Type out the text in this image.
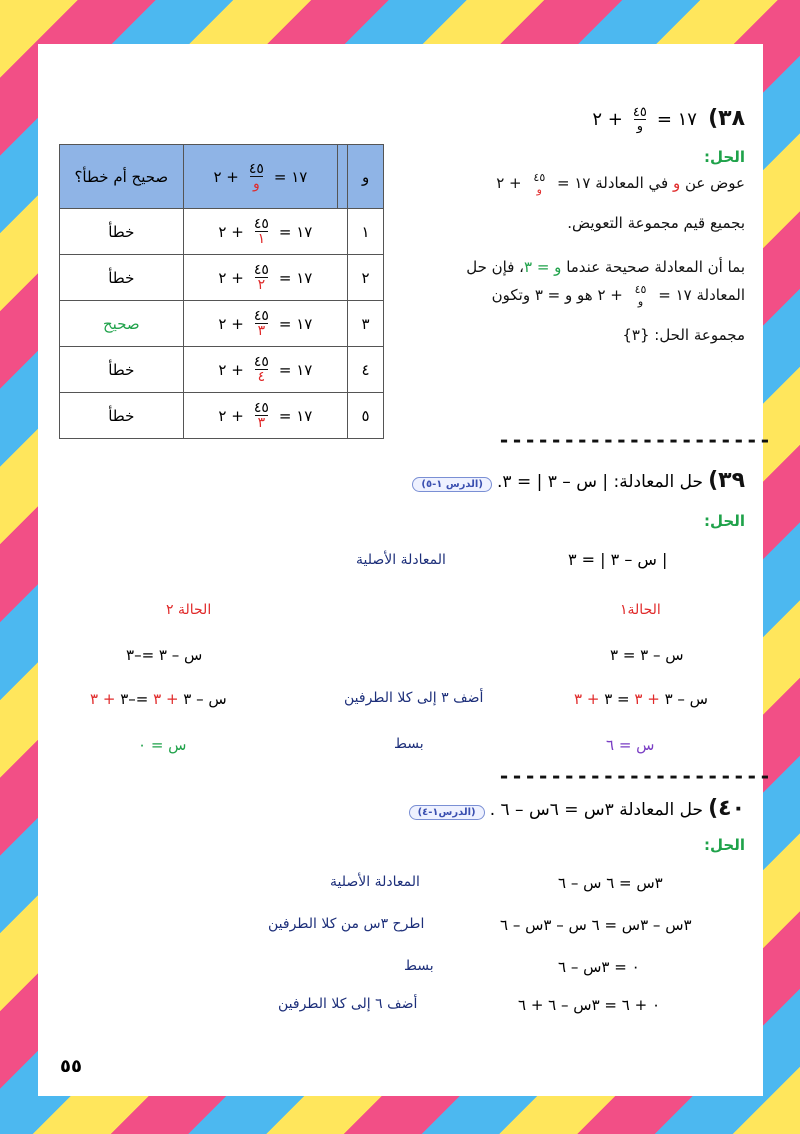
٣٨)
١٧ =
$\frac{٤٥}{\text{و}}$
+ ٢
الحل:
عوض عن و في المعادلة ١٧ =
$\frac{٤٥}{\text{و}}$
+ ٢
بجميع قيم مجموعة التعويض.
بما أن المعادلة صحيحة عندما و = ٣، فإن حل
المعادلة ١٧ =
$\frac{٤٥}{\text{و}}$
+ ٢ هو و = ٣ وتكون
مجموعة الحل: {٣}
و		١٧ =
$\frac{٤٥}{\text{و}}$
+ ٢	صحيح أم خطأ؟
١	١٧ =
$\frac{٤٥}{١}$
+ ٢		خطأ
٢	١٧ =
$\frac{٤٥}{٢}$
+ ٢		خطأ
٣	١٧ =
$\frac{٤٥}{٣}$
+ ٢		صحيح
٤	١٧ =
$\frac{٤٥}{٤}$
+ ٢		خطأ
٥	١٧ =
$\frac{٤٥}{٣}$
+ ٢		خطأ
---------------------
٣٩) حل المعادلة: | س – ٣ | = ٣. (الدرس ١-٥)
الحل:
| س – ٣ | = ٣
المعادلة الأصلية
الحالة١
الحالة ٢
س – ٣ = ٣
س – ٣ =–٣
س – ٣ + ٣ = ٣ + ٣
أضف ٣ إلى كلا الطرفين
س – ٣ + ٣ =–٣ + ٣
س = ٦
بسط
س = ٠
---------------------
٤٠) حل المعادلة ٣س = ٦س – ٦ . (الدرس١-٤)
الحل:
٣س = ٦ س – ٦
المعادلة الأصلية
٣س – ٣س = ٦ س – ٣س – ٦
اطرح ٣س من كلا الطرفين
٠ = ٣س – ٦
بسط
٠ + ٦ = ٣س – ٦ + ٦
أضف ٦ إلى كلا الطرفين
٥٥
